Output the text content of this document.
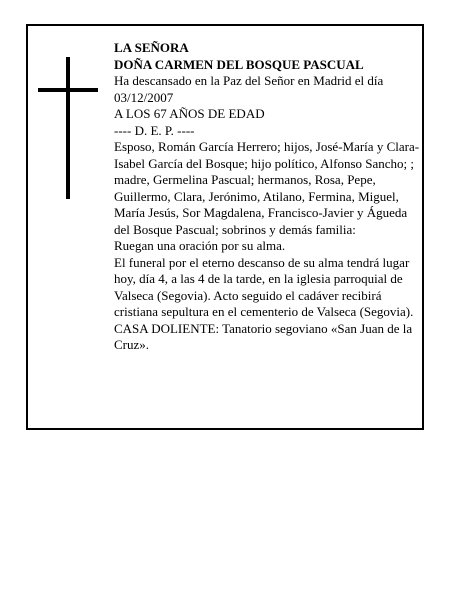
LA SEÑORA

DOÑA CARMEN DEL BOSQUE PASCUAL

Ha descansado en la Paz del Señor en Madrid el día 03/12/2007

A LOS 67 AÑOS DE EDAD

---- D. E. P. ----

Esposo, Román García Herrero; hijos, José-María y Clara-Isabel García del Bosque; hijo político, Alfonso Sancho; ; madre, Germelina Pascual; hermanos, Rosa, Pepe, Guillermo, Clara, Jerónimo, Atilano, Fermina, Miguel, María Jesús, Sor Magdalena, Francisco-Javier y Águeda del Bosque Pascual; sobrinos y demás familia:

Ruegan una oración por su alma.

El funeral por el eterno descanso de su alma tendrá lugar hoy, día 4, a las 4 de la tarde, en la iglesia parroquial de Valseca (Segovia). Acto seguido el cadáver recibirá cristiana sepultura en el cementerio de Valseca (Segovia).

CASA DOLIENTE: Tanatorio segoviano «San Juan de la Cruz».
